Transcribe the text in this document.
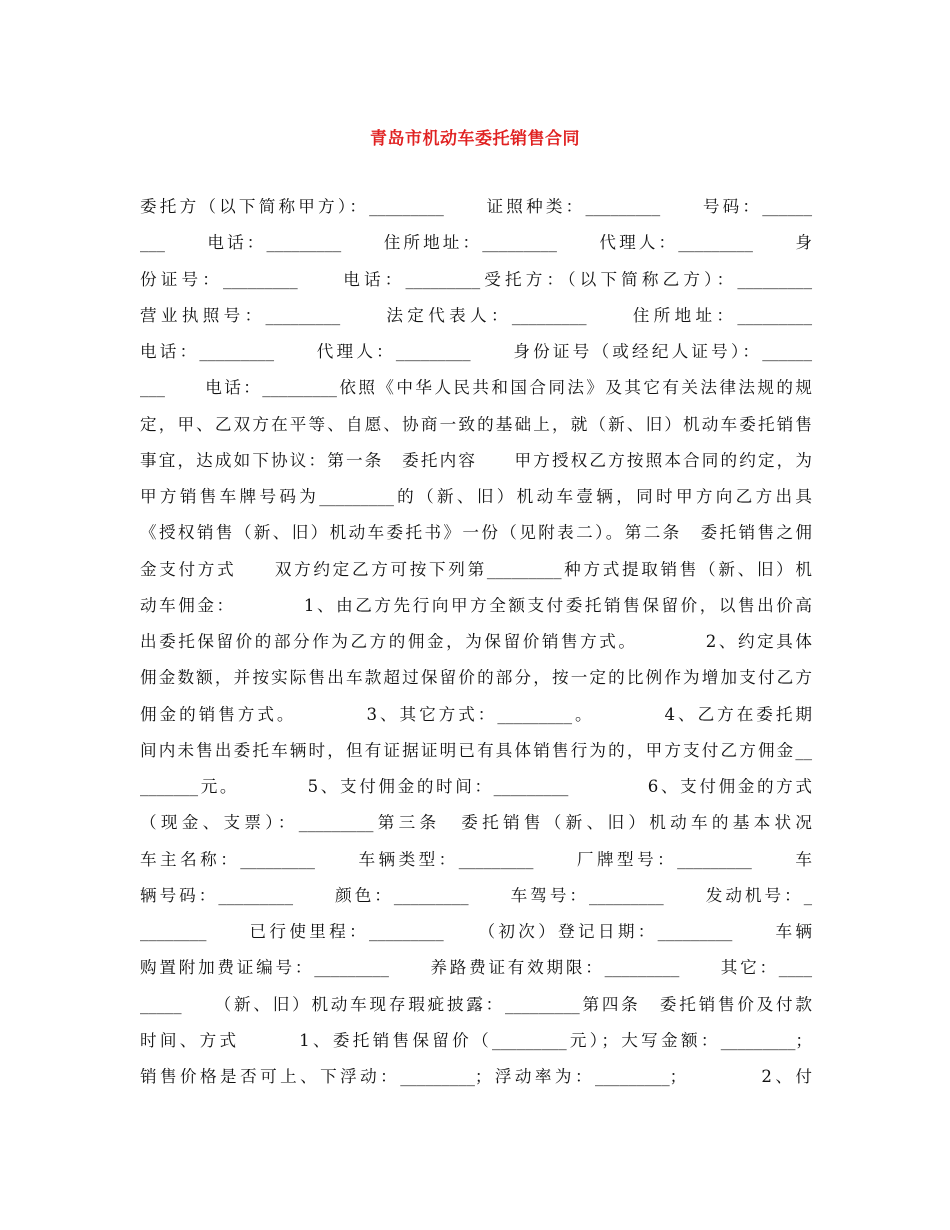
青岛市机动车委托销售合同
委托方（以下简称甲方）：_________　　证照种类：_________　　号码：______
___　　电话：_________　　住所地址：_________　　代理人：_________　　身
份证号：_________　　电话：_________受托方：（以下简称乙方）：_________
营业执照号：_________　　法定代表人：_________　　住所地址：_________
电话：_________　　代理人：_________　　身份证号（或经纪人证号）：______
___　　电话：_________依照《中华人民共和国合同法》及其它有关法律法规的规
定，甲、乙双方在平等、自愿、协商一致的基础上，就（新、旧）机动车委托销售
事宜，达成如下协议：第一条　委托内容　　甲方授权乙方按照本合同的约定，为
甲方销售车牌号码为_________的（新、旧）机动车壹辆，同时甲方向乙方出具
《授权销售（新、旧）机动车委托书》一份（见附表二）。第二条　委托销售之佣
金支付方式　　双方约定乙方可按下列第_________种方式提取销售（新、旧）机
动车佣金：　　　　1、由乙方先行向甲方全额支付委托销售保留价，以售出价高
出委托保留价的部分作为乙方的佣金，为保留价销售方式。　　　　2、约定具体
佣金数额，并按实际售出车款超过保留价的部分，按一定的比例作为增加支付乙方
佣金的销售方式。　　　　3、其它方式：_________。　　　　4、乙方在委托期
间内未售出委托车辆时，但有证据证明已有具体销售行为的，甲方支付乙方佣金__
_______元。　　　　5、支付佣金的时间：_________　　　　6、支付佣金的方式
（现金、支票）：_________第三条　委托销售（新、旧）机动车的基本状况
车主名称：_________　　车辆类型：_________　　厂牌型号：_________　　车
辆号码：_________　　颜色：_________　　车驾号：_________　　发动机号：_
________　　已行使里程：_________　　（初次）登记日期：_________　　车辆
购置附加费证编号：_________　　养路费证有效期限：_________　　其它：____
_____　　（新、旧）机动车现存瑕疵披露：_________第四条　委托销售价及付款
时间、方式　　　1、委托销售保留价（_________元）；大写金额：_________；
销售价格是否可上、下浮动：_________；浮动率为：_________；　　　　2、付
